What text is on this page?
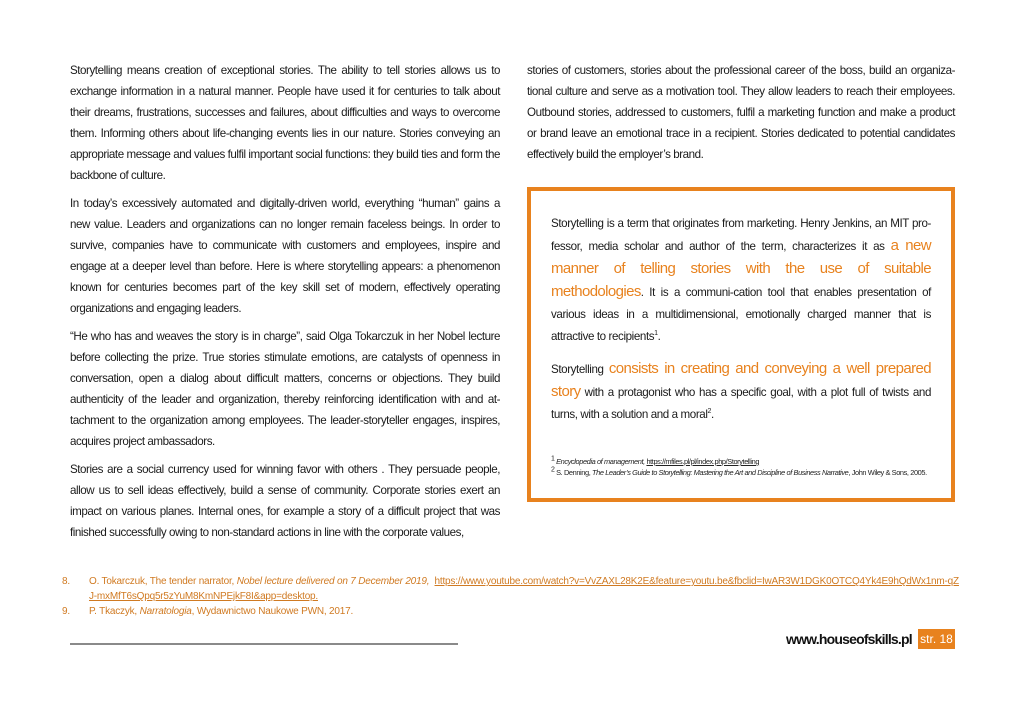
Storytelling means creation of exceptional stories. The ability to tell stories allows us to exchange information in a natural manner. People have used it for centuries to talk about their dreams, frustrations, successes and failures, about difficulties and ways to overcome them. Informing others about life-changing events lies in our nature. Stories conveying an appropriate message and values fulfil important social functions: they build ties and form the backbone of culture.

In today’s excessively automated and digitally-driven world, everything “human” gains a new value. Leaders and organizations can no longer remain faceless beings. In order to survive, companies have to communicate with customers and employees, inspire and engage at a deeper level than before. Here is where storytelling appears: a phenomenon known for centuries becomes part of the key skill set of modern, effectively operating organizations and engaging leaders.

“He who has and weaves the story is in charge”, said Olga Tokarczuk in her Nobel lecture before collecting the prize. True stories stimulate emotions, are catalysts of openness in conversation, open a dialog about difficult matters, concerns or objections. They build authenticity of the leader and organization, thereby reinforcing identification with and at-tachment to the organization among employees. The leader-storyteller engages, inspires, acquires project ambassadors.

Stories are a social currency used for winning favor with others . They persuade people, allow us to sell ideas effectively, build a sense of community. Corporate stories exert an impact on various planes. Internal ones, for example a story of a difficult project that was finished successfully owing to non-standard actions in line with the corporate values,

stories of customers, stories about the professional career of the boss, build an organiza-tional culture and serve as a motivation tool. They allow leaders to reach their employees. Outbound stories, addressed to customers, fulfil a marketing function and make a product or brand leave an emotional trace in a recipient. Stories dedicated to potential candidates effectively build the employer’s brand.

Storytelling is a term that originates from marketing. Henry Jenkins, an MIT pro-fessor, media scholar and author of the term, characterizes it as a new manner of telling stories with the use of suitable methodologies. It is a communi-cation tool that enables presentation of various ideas in a multidimensional, emotionally charged manner that is attractive to recipients$^1$.

Storytelling consists in creating and conveying a well prepared story with a protagonist who has a specific goal, with a plot full of twists and turns, with a solution and a moral$^2$.

$^1$ Encyclopedia of management, https://mfiles.pl/pl/index.php/Storytelling
$^2$ S. Denning, The Leader’s Guide to Storytelling: Mastering the Art and Discipline of Business Narrative, John Wiley & Sons, 2005.
8.	O. Tokarczuk, The tender narrator, Nobel lecture delivered on 7 December 2019, https://www.youtube.com/watch?v=VvZAXL28K2E&feature=youtu.be&fbclid=IwAR3W1DGK0OTCQ4Yk4E9hQdWx1nm-qZJ-mxMfT6sQpq5r5zYuM8KmNPEjkF8I&app=desktop.
9.	P. Tkaczyk, Narratologia, Wydawnictwo Naukowe PWN, 2017.
www.houseofskills.pl str. 18
